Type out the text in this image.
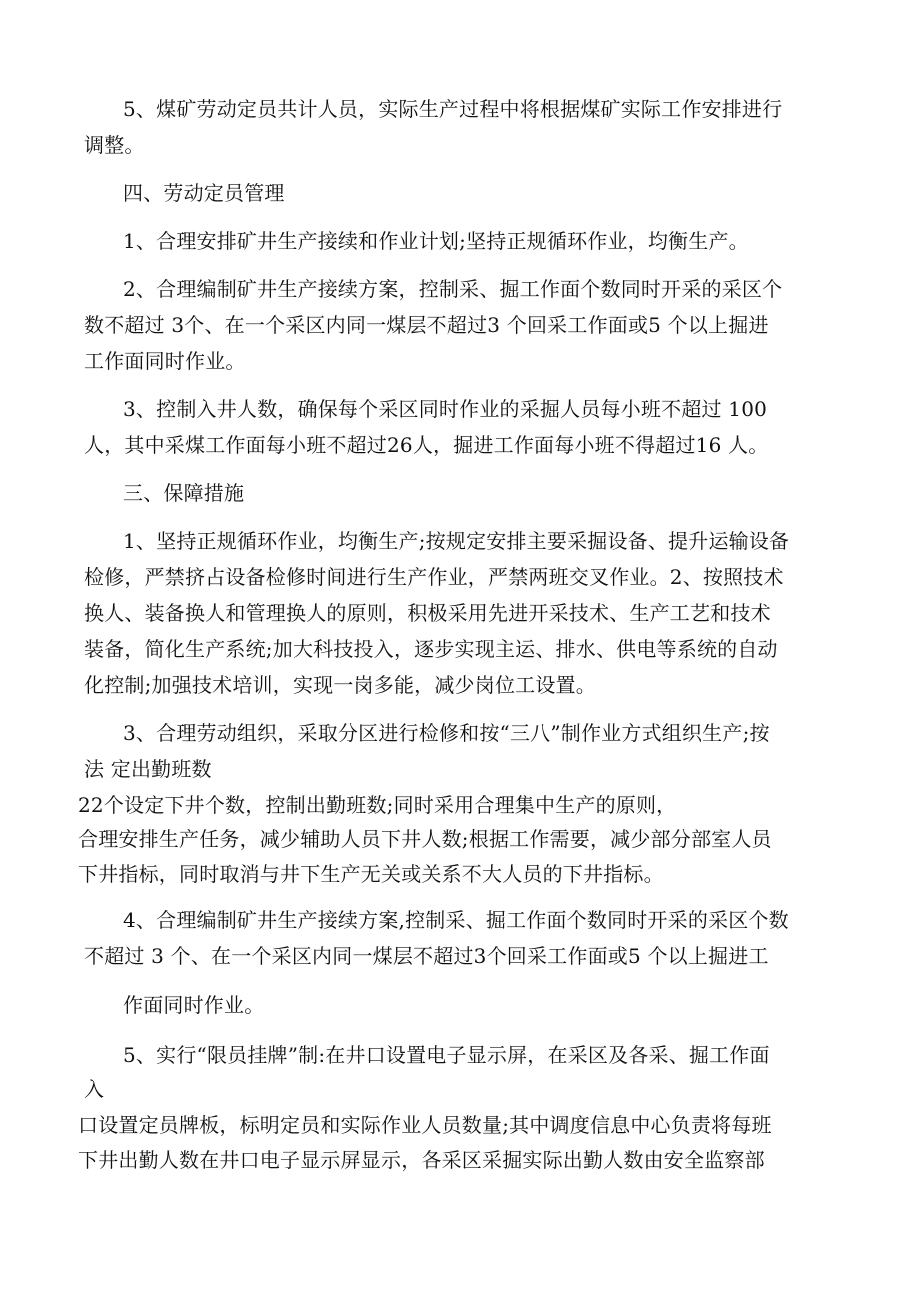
5、煤矿劳动定员共计人员，实际生产过程中将根据煤矿实际工作安排进行
调整。
四、劳动定员管理
1、合理安排矿井生产接续和作业计划;坚持正规循环作业，均衡生产。
2、合理编制矿井生产接续方案，控制采、掘工作面个数同时开采的采区个
数不超过 3个、在一个采区内同一煤层不超过3 个回采工作面或5 个以上掘进
工作面同时作业。
3、控制入井人数，确保每个采区同时作业的采掘人员每小班不超过 100
人，其中采煤工作面每小班不超过26人，掘进工作面每小班不得超过16 人。
三、保障措施
1、坚持正规循环作业，均衡生产;按规定安排主要采掘设备、提升运输设备
检修，严禁挤占设备检修时间进行生产作业，严禁两班交叉作业。2、按照技术
换人、装备换人和管理换人的原则，积极采用先进开采技术、生产工艺和技术
装备，简化生产系统;加大科技投入，逐步实现主运、排水、供电等系统的自动
化控制;加强技术培训，实现一岗多能，减少岗位工设置。
3、合理劳动组织，采取分区进行检修和按“三八”制作业方式组织生产;按
法 定出勤班数
22个设定下井个数，控制出勤班数;同时采用合理集中生产的原则，
合理安排生产任务，减少辅助人员下井人数;根据工作需要，减少部分部室人员
下井指标，同时取消与井下生产无关或关系不大人员的下井指标。
4、合理编制矿井生产接续方案,控制采、掘工作面个数同时开采的采区个数
不超过 3 个、在一个采区内同一煤层不超过3个回采工作面或5 个以上掘进工
作面同时作业。
5、实行“限员挂牌”制:在井口设置电子显示屏，在采区及各采、掘工作面
入
口设置定员牌板，标明定员和实际作业人员数量;其中调度信息中心负责将每班
下井出勤人数在井口电子显示屏显示，各采区采掘实际出勤人数由安全监察部
